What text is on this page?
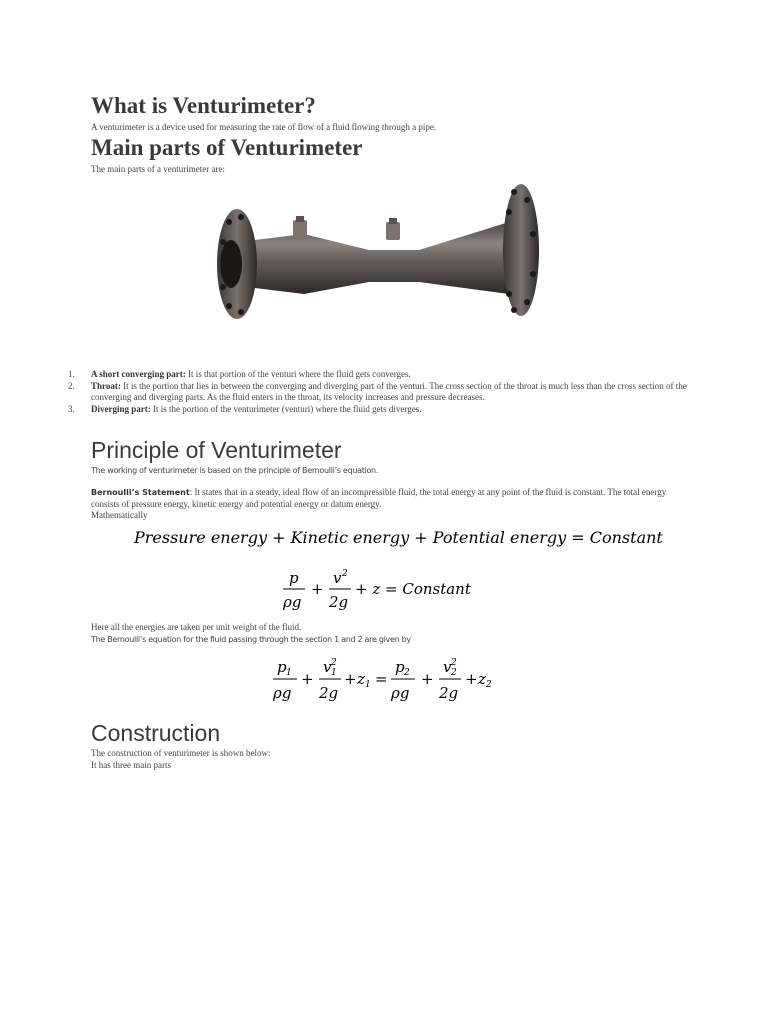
What is Venturimeter?
A venturimeter is a device used for measuring the rate of flow of a fluid flowing through a pipe.
Main parts of Venturimeter
The main parts of a venturimeter are:
1. A short converging part: It is that portion of the venturi where the fluid gets converges.
2. Throat: It is the portion that lies in between the converging and diverging part of the venturi. The cross section of the throat is much less than the cross section of the converging and diverging parts. As the fluid enters in the throat, its velocity increases and pressure decreases.
3. Diverging part: It is the portion of the venturimeter (venturi) where the fluid gets diverges.
Principle of Venturimeter
The working of venturimeter is based on the principle of Bernoulli’s equation.
Bernoulli’s Statement: It states that in a steady, ideal flow of an incompressible fluid, the total energy at any point of the fluid is constant. The total energy consists of pressure energy, kinetic energy and potential energy or datum energy.
Mathematically
Pressure energy + Kinetic energy + Potential energy = Constant
p
ρg
+
v 2
2g
+ z = Constant
Here all the energies are taken per unit weight of the fluid.
The Bernoulli’s equation for the fluid passing through the section 1 and 2 are given by
p 1
ρg
+
v 2
1
2g
+ z 1 =
p 2
ρg
+
v 2
2
2g
+ z 2
Construction
The construction of venturimeter is shown below:
It has three main parts
